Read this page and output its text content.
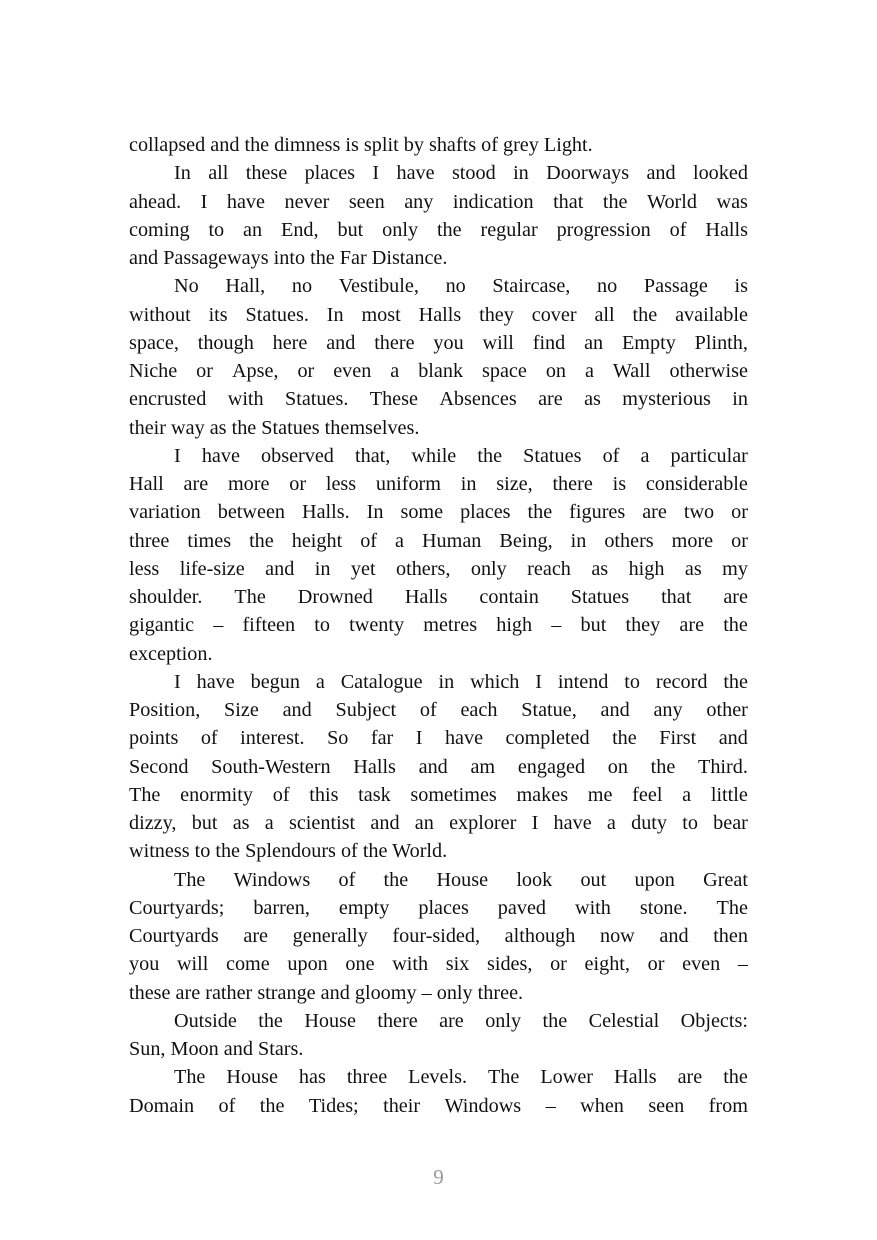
collapsed and the dimness is split by shafts of grey Light.

In all these places I have stood in Doorways and looked
ahead. I have never seen any indication that the World was
coming to an End, but only the regular progression of Halls
and Passageways into the Far Distance.

No Hall, no Vestibule, no Staircase, no Passage is
without its Statues. In most Halls they cover all the available
space, though here and there you will find an Empty Plinth,
Niche or Apse, or even a blank space on a Wall otherwise
encrusted with Statues. These Absences are as mysterious in
their way as the Statues themselves.

I have observed that, while the Statues of a particular
Hall are more or less uniform in size, there is considerable
variation between Halls. In some places the figures are two or
three times the height of a Human Being, in others more or
less life-size and in yet others, only reach as high as my
shoulder. The Drowned Halls contain Statues that are
gigantic – fifteen to twenty metres high – but they are the
exception.

I have begun a Catalogue in which I intend to record the
Position, Size and Subject of each Statue, and any other
points of interest. So far I have completed the First and
Second South-Western Halls and am engaged on the Third.
The enormity of this task sometimes makes me feel a little
dizzy, but as a scientist and an explorer I have a duty to bear
witness to the Splendours of the World.

The Windows of the House look out upon Great
Courtyards; barren, empty places paved with stone. The
Courtyards are generally four-sided, although now and then
you will come upon one with six sides, or eight, or even –
these are rather strange and gloomy – only three.

Outside the House there are only the Celestial Objects:
Sun, Moon and Stars.

The House has three Levels. The Lower Halls are the
Domain of the Tides; their Windows – when seen from

9
